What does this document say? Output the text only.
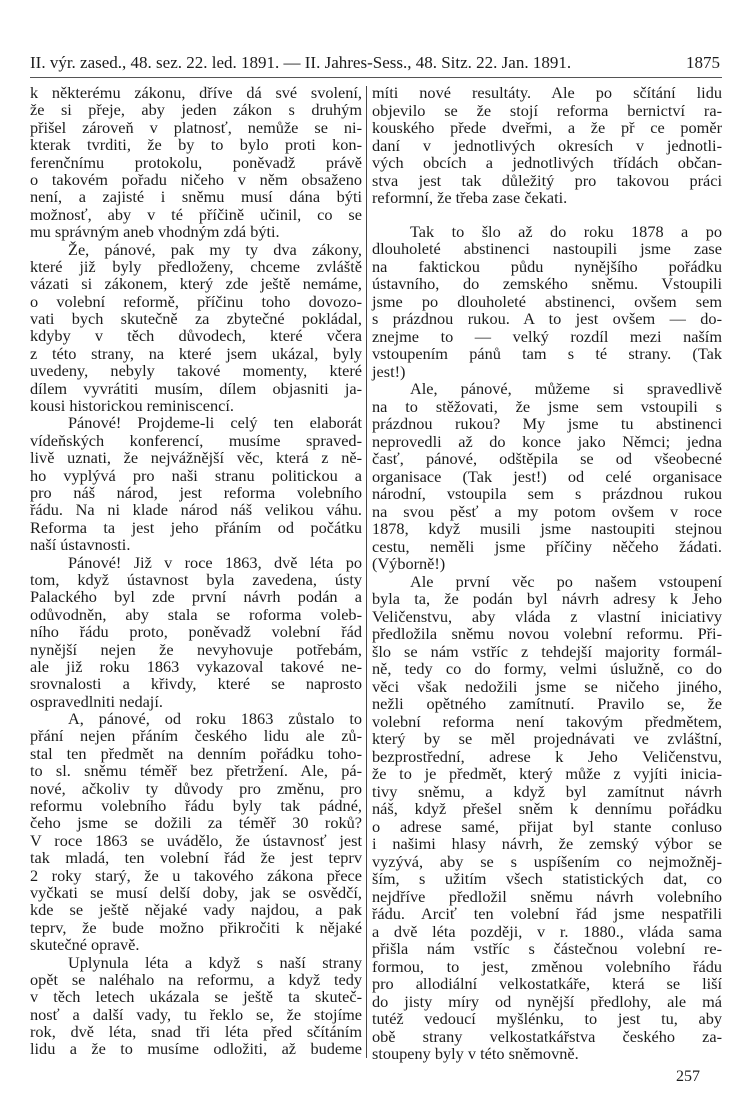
II. výr. zased., 48. sez. 22. led. 1891. — II. Jahres-Sess., 48. Sitz. 22. Jan. 1891.	1875
k některému zákonu, dříve dá své svolení,
že si přeje, aby jeden zákon s druhým
přišel zároveň v platnosť, nemůže se ni-
kterak tvrditi, že by to bylo proti kon-
ferenčnímu protokolu, poněvadž právě
o takovém pořadu ničeho v něm obsaženo
není, a zajisté i sněmu musí dána býti
možnosť, aby v té příčině učinil, co se
mu správným aneb vhodným zdá býti.
Že, pánové, pak my ty dva zákony,
které již byly předloženy, chceme zvláště
vázati si zákonem, který zde ještě nemáme,
o volební reformě, příčinu toho dovozo-
vati bych skutečně za zbytečné pokládal,
kdyby v těch důvodech, které včera
z této strany, na které jsem ukázal, byly
uvedeny, nebyly takové momenty, které
dílem vyvrátiti musím, dílem objasniti ja-
kousi historickou reminiscencí.
Pánové! Projdeme-li celý ten elaborát
vídeňských konferencí, musíme spraved-
livě uznati, že nejvážnější věc, která z ně-
ho vyplývá pro naši stranu politickou a
pro náš národ, jest reforma volebního
řádu. Na ni klade národ náš velikou váhu.
Reforma ta jest jeho přáním od počátku
naší ústavnosti.
Pánové! Již v roce 1863, dvě léta po
tom, když ústavnost byla zavedena, ústy
Palackého byl zde první návrh podán a
odůvodněn, aby stala se roforma voleb-
ního řádu proto, poněvadž volební řád
nynější nejen že nevyhovuje potřebám,
ale již roku 1863 vykazoval takové ne-
srovnalosti a křivdy, které se naprosto
ospravedlniti nedají.
A, pánové, od roku 1863 zůstalo to
přání nejen přáním českého lidu ale zů-
stal ten předmět na denním pořádku toho-
to sl. sněmu téměř bez přetržení. Ale, pá-
nové, ačkoliv ty důvody pro změnu, pro
reformu volebního řádu byly tak pádné,
čeho jsme se dožili za téměř 30 roků?
V roce 1863 se uvádělo, že ústavnosť jest
tak mladá, ten volební řád že jest teprv
2 roky starý, že u takového zákona přece
vyčkati se musí delší doby, jak se osvědčí,
kde se ještě nějaké vady najdou, a pak
teprv, že bude možno přikročiti k nějaké
skutečné opravě.
Uplynula léta a když s naší strany
opět se naléhalo na reformu, a když tedy
v těch letech ukázala se ještě ta skuteč-
nosť a další vady, tu řeklo se, že stojíme
rok, dvě léta, snad tři léta před sčítáním
lidu a že to musíme odložiti, až budeme
míti nové resultáty. Ale po sčítání lidu
objevilo se že stojí reforma bernictví ra-
kouského přede dveřmi, a že př ce poměr
daní v jednotlivých okresích v jednotli-
vých obcích a jednotlivých třídách občan-
stva jest tak důležitý pro takovou práci
reformní, že třeba zase čekati.
Tak to šlo až do roku 1878 a po
dlouholeté abstinenci nastoupili jsme zase
na faktickou půdu nynějšího pořádku
ústavního, do zemského sněmu. Vstoupili
jsme po dlouholeté abstinenci, ovšem sem
s prázdnou rukou. A to jest ovšem — do-
znejme to — velký rozdíl mezi naším
vstoupením pánů tam s té strany. (Tak
jest!)
Ale, pánové, můžeme si spravedlivě
na to stěžovati, že jsme sem vstoupili s
prázdnou rukou? My jsme tu abstinenci
neprovedli až do konce jako Němci; jedna
časť, pánové, odštěpila se od všeobecné
organisace (Tak jest!) od celé organisace
národní, vstoupila sem s prázdnou rukou
na svou pěsť a my potom ovšem v roce
1878, když musili jsme nastoupiti stejnou
cestu, neměli jsme příčiny něčeho žádati.
(Výborně!)
Ale první věc po našem vstoupení
byla ta, že podán byl návrh adresy k Jeho
Veličenstvu, aby vláda z vlastní iniciativy
předložila sněmu novou volební reformu. Při-
šlo se nám vstříc z tehdejší majority formál-
ně, tedy co do formy, velmi úslužně, co do
věci však nedožili jsme se ničeho jiného,
nežli opětného zamítnutí. Pravilo se, že
volební reforma není takovým předmětem,
který by se měl projednávati ve zvláštní,
bezprostřední, adrese k Jeho Veličenstvu,
že to je předmět, který může z vyjíti inicia-
tivy sněmu, a když byl zamítnut návrh
náš, když přešel sněm k dennímu pořádku
o adrese samé, přijat byl stante conluso
i našimi hlasy návrh, že zemský výbor se
vyzývá, aby se s uspíšením co nejmožněj-
ším, s užitím všech statistických dat, co
nejdříve předložil sněmu návrh volebního
řádu. Arciť ten volební řád jsme nespatřili
a dvě léta později, v r. 1880., vláda sama
přišla nám vstříc s částečnou volební re-
formou, to jest, změnou volebního řádu
pro allodiální velkostatkáře, která se liší
do jisty míry od nynější předlohy, ale má
tutéž vedoucí myšlénku, to jest tu, aby
obě strany velkostatkářstva českého za-
stoupeny byly v této sněmovně.
257
